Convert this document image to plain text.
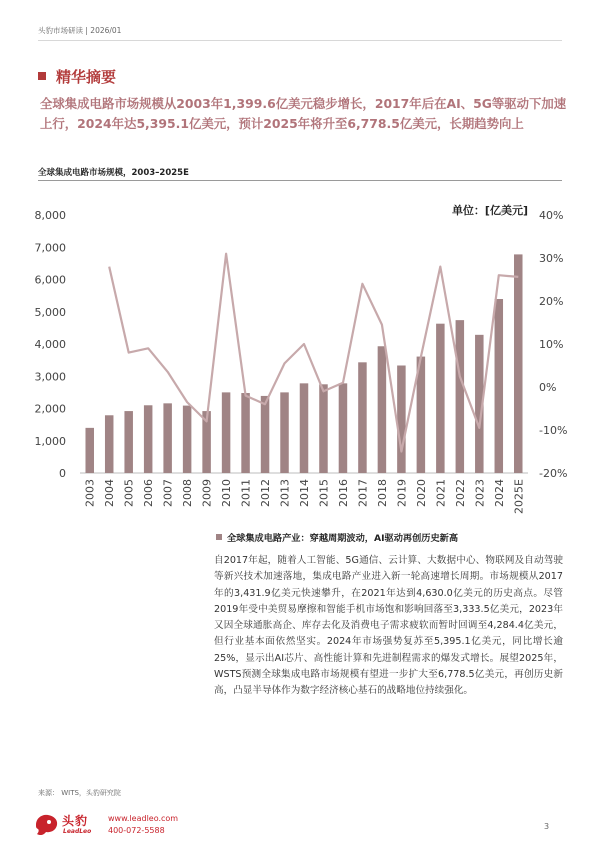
头豹市场研读 | 2026/01
精华摘要
全球集成电路市场规模从2003年1,399.6亿美元稳步增长，2017年后在AI、5G等驱动下加速上行，2024年达5,395.1亿美元，预计2025年将升至6,778.5亿美元，长期趋势向上
全球集成电路市场规模，2003–2025E
0
1,000
2,000
3,000
4,000
5,000
6,000
7,000
8,000
-20%
-10%
0%
10%
20%
30%
40%
2003 2004 2005 2006 2007 2008 2009 2010 2011 2012 2013 2014 2015 2016 2017 2018 2019 2020 2021 2022 2023 2024 2025E
单位：[亿美元]
全球集成电路产业：穿越周期波动，AI驱动再创历史新高
自2017年起，随着人工智能、5G通信、云计算、大数据中心、物联网及自动驾驶等新兴技术加速落地，集成电路产业进入新一轮高速增长周期。市场规模从2017年的3,431.9亿美元快速攀升，在2021年达到4,630.0亿美元的历史高点。尽管2019年受中美贸易摩擦和智能手机市场饱和影响回落至3,333.5亿美元，2023年又因全球通胀高企、库存去化及消费电子需求疲软而暂时回调至4,284.4亿美元，但行业基本面依然坚实。2024年市场强势复苏至5,395.1亿美元，同比增长逾25%，显示出AI芯片、高性能计算和先进制程需求的爆发式增长。展望2025年，WSTS预测全球集成电路市场规模有望进一步扩大至6,778.5亿美元，再创历史新高，凸显半导体作为数字经济核心基石的战略地位持续强化。
来源： WITS，头豹研究院
头豹
LeadLeo
www.leadleo.com
400-072-5588	3
